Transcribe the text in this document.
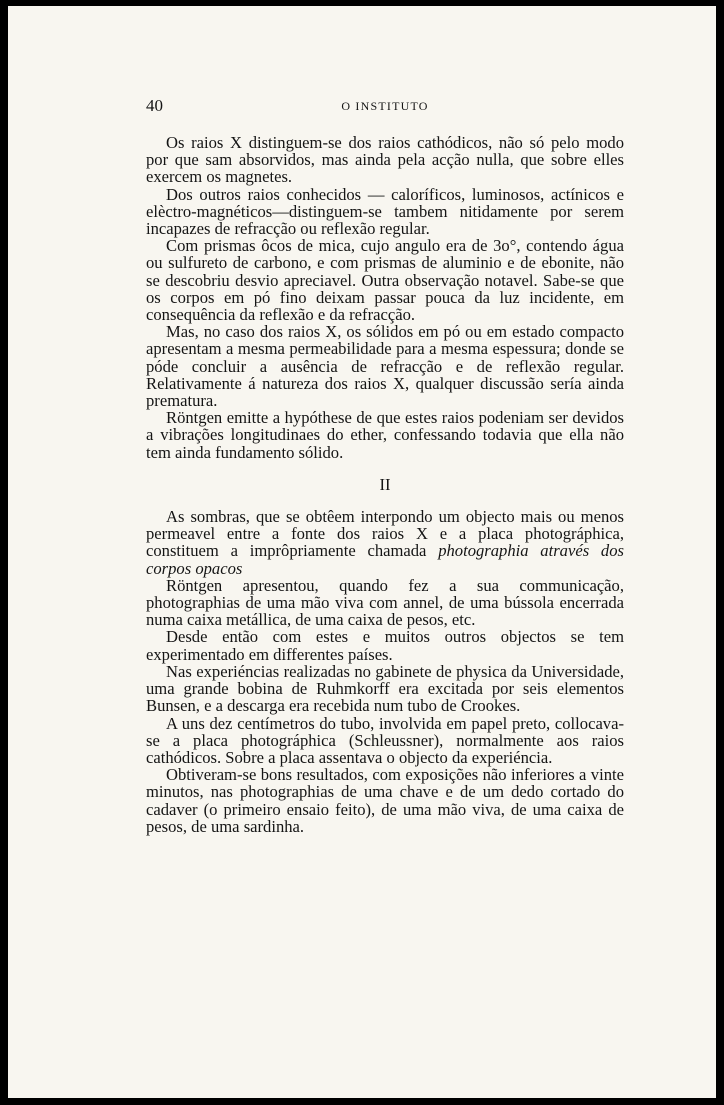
40	O INSTITUTO

Os raios X distinguem-se dos raios cathódicos, não só pelo modo por que sam absorvidos, mas ainda pela acção nulla, que sobre elles exercem os magnetes.

Dos outros raios conhecidos — caloríficos, luminosos, actínicos e elèctro-magnéticos—distinguem-se tambem nitidamente por serem incapazes de refracção ou reflexão regular.

Com prismas ôcos de mica, cujo angulo era de 3o°, contendo água ou sulfureto de carbono, e com prismas de aluminio e de ebonite, não se descobriu desvio apreciavel. Outra observação notavel. Sabe-se que os corpos em pó fino deixam passar pouca da luz incidente, em consequência da reflexão e da refracção.

Mas, no caso dos raios X, os sólidos em pó ou em estado compacto apresentam a mesma permeabilidade para a mesma espessura; donde se póde concluir a ausência de refracção e de reflexão regular. Relativamente á natureza dos raios X, qualquer discussão sería ainda prematura.

Röntgen emitte a hypóthese de que estes raios podeniam ser devidos a vibrações longitudinaes do ether, confessando todavia que ella não tem ainda fundamento sólido.

II

As sombras, que se obtêem interpondo um objecto mais ou menos permeavel entre a fonte dos raios X e a placa photográphica, constituem a imprôpriamente chamada photographia através dos corpos opacos

Röntgen apresentou, quando fez a sua communicação, photographias de uma mão viva com annel, de uma bússola encerrada numa caixa metállica, de uma caixa de pesos, etc.

Desde então com estes e muitos outros objectos se tem experimentado em differentes países.

Nas experiéncias realizadas no gabinete de physica da Universidade, uma grande bobina de Ruhmkorff era excitada por seis elementos Bunsen, e a descarga era recebida num tubo de Crookes.

A uns dez centímetros do tubo, involvida em papel preto, collocava-se a placa photográphica (Schleussner), normalmente aos raios cathódicos. Sobre a placa assentava o objecto da experiéncia.

Obtiveram-se bons resultados, com exposições não inferiores a vinte minutos, nas photographias de uma chave e de um dedo cortado do cadaver (o primeiro ensaio feito), de uma mão viva, de uma caixa de pesos, de uma sardinha.
